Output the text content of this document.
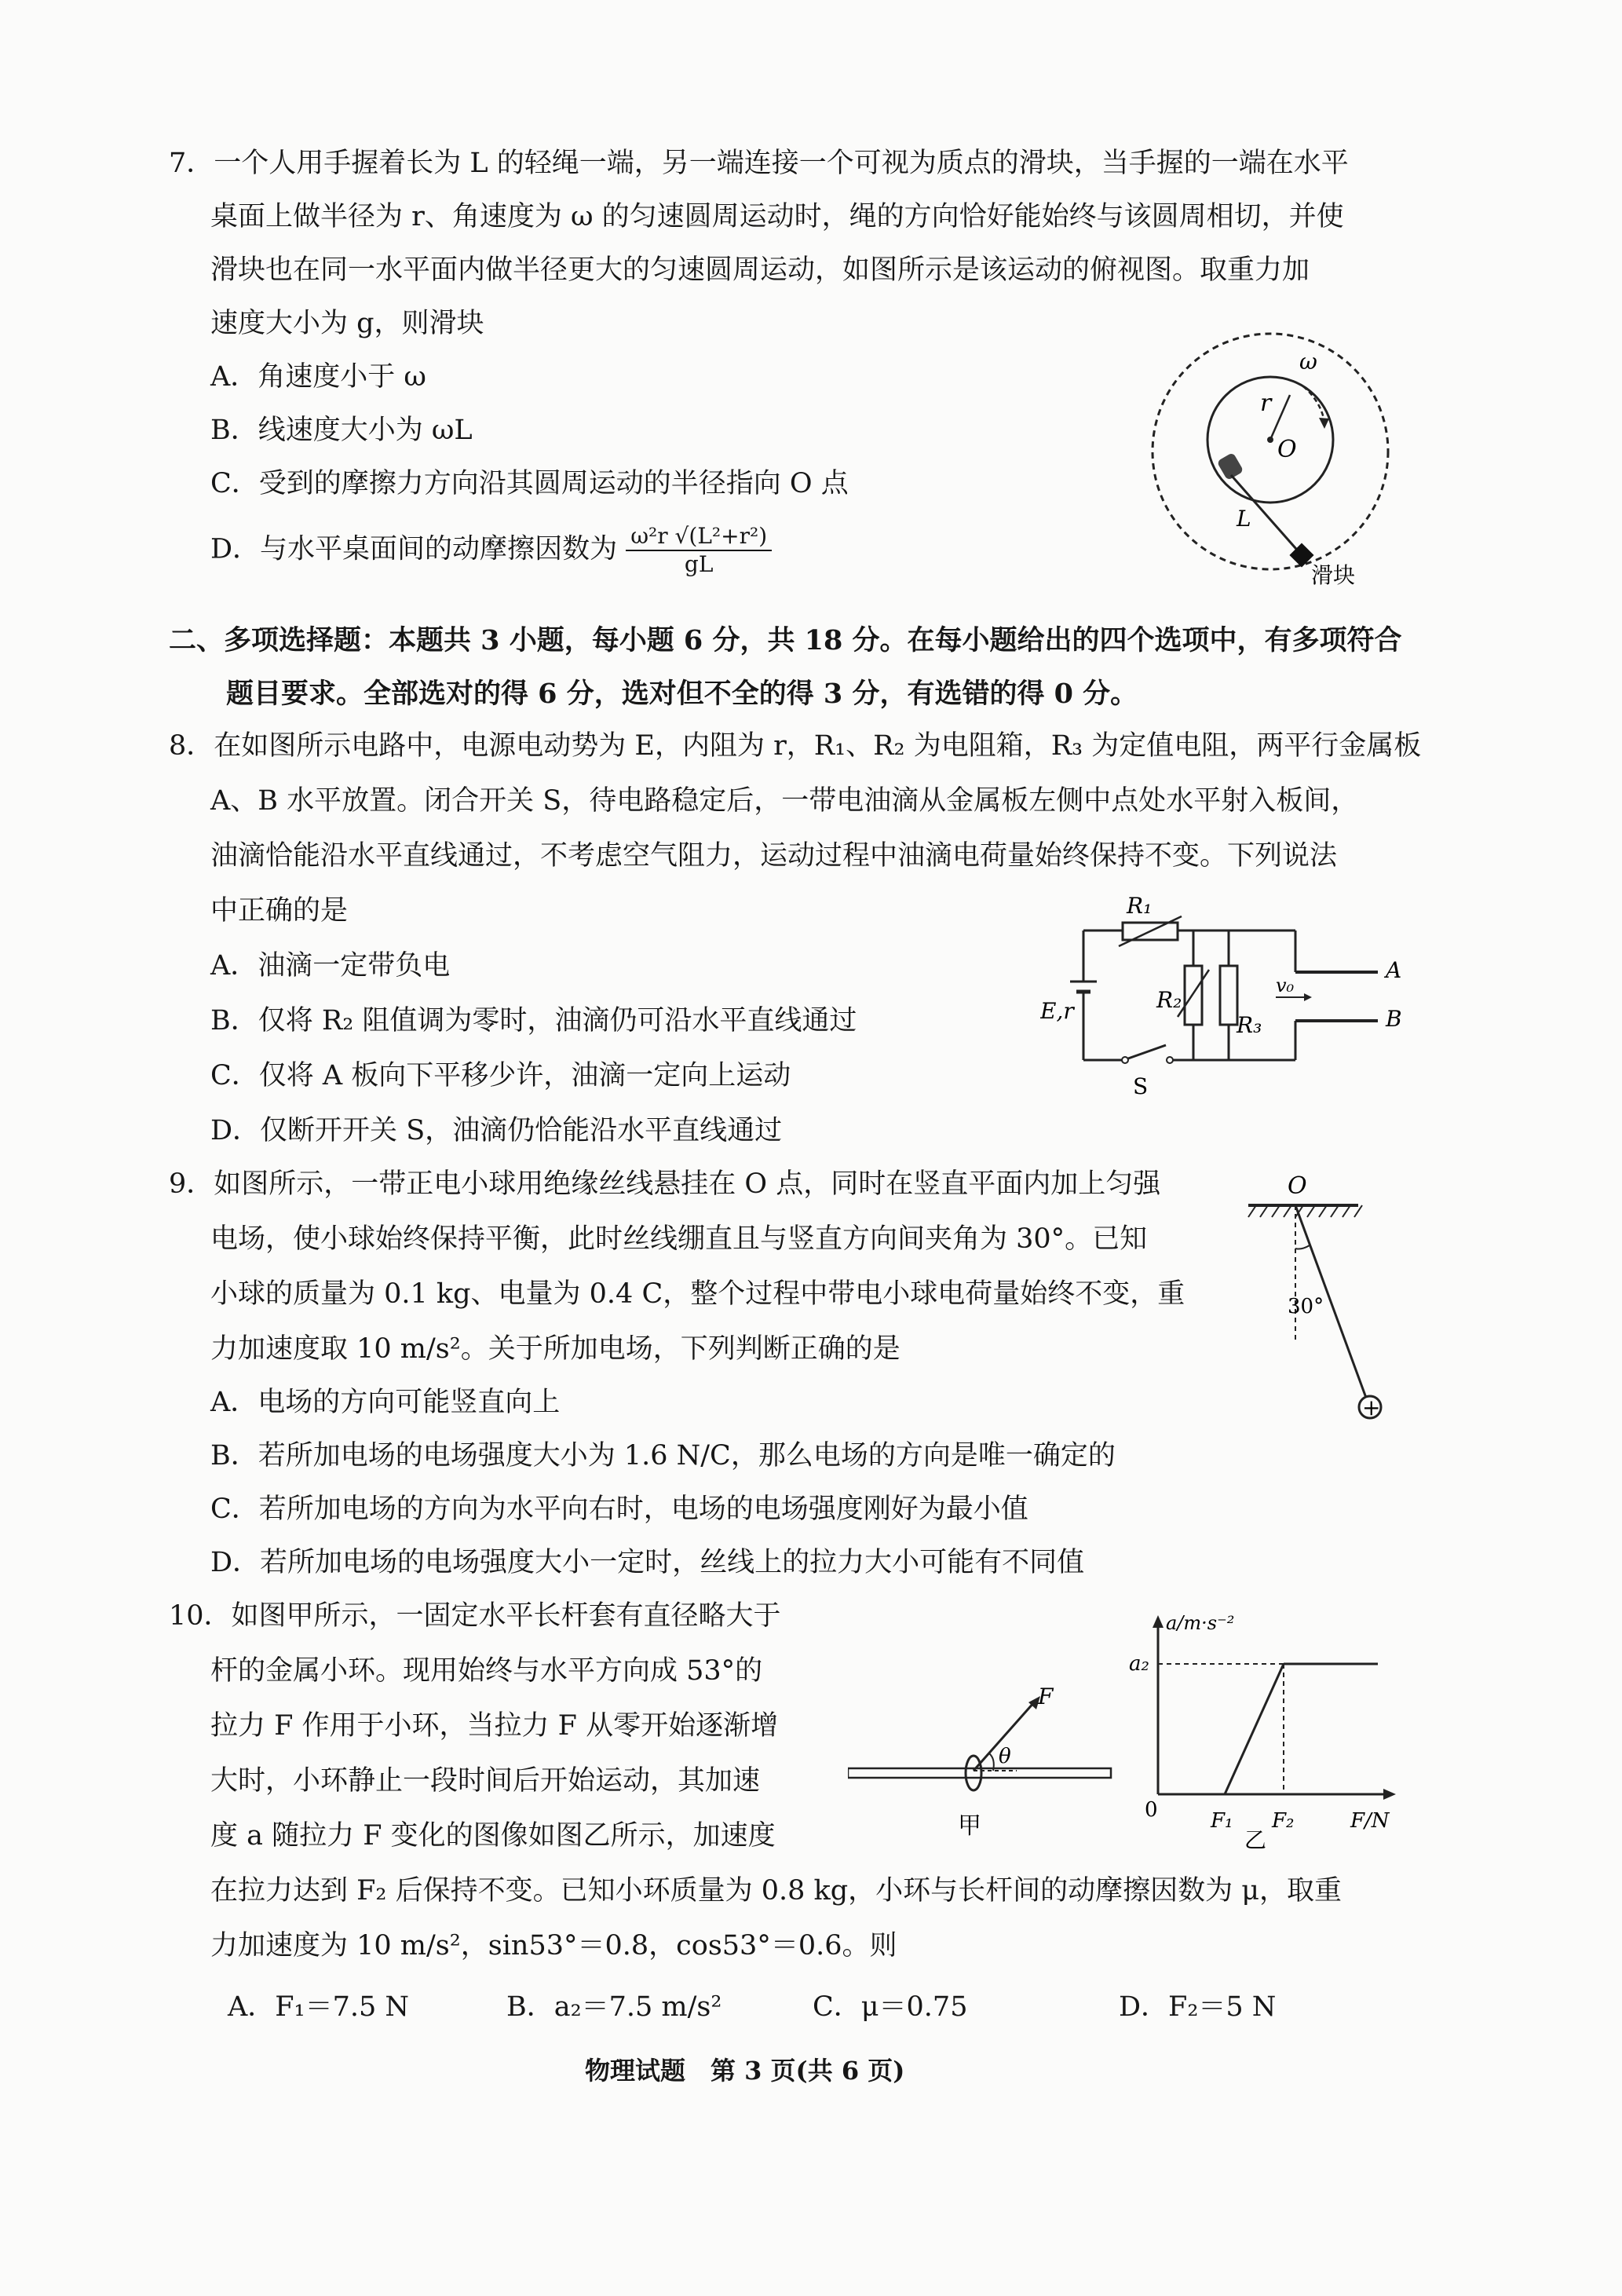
7．一个人用手握着长为 L 的轻绳一端，另一端连接一个可视为质点的滑块，当手握的一端在水平
桌面上做半径为 r、角速度为 ω 的匀速圆周运动时，绳的方向恰好能始终与该圆周相切，并使
滑块也在同一水平面内做半径更大的匀速圆周运动，如图所示是该运动的俯视图。取重力加
速度大小为 g，则滑块
A．角速度小于 ω
B．线速度大小为 ωL
C．受到的摩擦力方向沿其圆周运动的半径指向 O 点
D．与水平桌面间的动摩擦因数为 $\frac{\text{ω²r √(L²+r²)}}{gL}$
r
O
ω
L
滑块
二、多项选择题：本题共 3 小题，每小题 6 分，共 18 分。在每小题给出的四个选项中，有多项符合
题目要求。全部选对的得 6 分，选对但不全的得 3 分，有选错的得 0 分。
8．在如图所示电路中，电源电动势为 E，内阻为 r，R₁、R₂ 为电阻箱，R₃ 为定值电阻，两平行金属板
A、B 水平放置。闭合开关 S，待电路稳定后，一带电油滴从金属板左侧中点处水平射入板间，
油滴恰能沿水平直线通过，不考虑空气阻力，运动过程中油滴电荷量始终保持不变。下列说法
中正确的是
A．油滴一定带负电
B．仅将 R₂ 阻值调为零时，油滴仍可沿水平直线通过
C．仅将 A 板向下平移少许，油滴一定向上运动
D．仅断开开关 S，油滴仍恰能沿水平直线通过
R₁
E,r
S
R₂
R₃
A
B
v₀
9．如图所示，一带正电小球用绝缘丝线悬挂在 O 点，同时在竖直平面内加上匀强
电场，使小球始终保持平衡，此时丝线绷直且与竖直方向间夹角为 30°。已知
小球的质量为 0.1 kg、电量为 0.4 C，整个过程中带电小球电荷量始终不变，重
力加速度取 10 m/s²。关于所加电场，下列判断正确的是
A．电场的方向可能竖直向上
B．若所加电场的电场强度大小为 1.6 N/C，那么电场的方向是唯一确定的
C．若所加电场的方向为水平向右时，电场的电场强度刚好为最小值
D．若所加电场的电场强度大小一定时，丝线上的拉力大小可能有不同值
O
30°
+
10．如图甲所示，一固定水平长杆套有直径略大于
杆的金属小环。现用始终与水平方向成 53°的
拉力 F 作用于小环，当拉力 F 从零开始逐渐增
大时，小环静止一段时间后开始运动，其加速
度 a 随拉力 F 变化的图像如图乙所示，加速度
在拉力达到 F₂ 后保持不变。已知小环质量为 0.8 kg，小环与长杆间的动摩擦因数为 μ，取重
力加速度为 10 m/s²，sin53°＝0.8，cos53°＝0.6。则
A．F₁＝7.5 N	B．a₂＝7.5 m/s²	C．μ＝0.75	D．F₂＝5 N
F
θ
甲
a/m·s⁻²
0	F/N
a₂
F₁ F₂
乙
物理试题　第 3 页(共 6 页)
